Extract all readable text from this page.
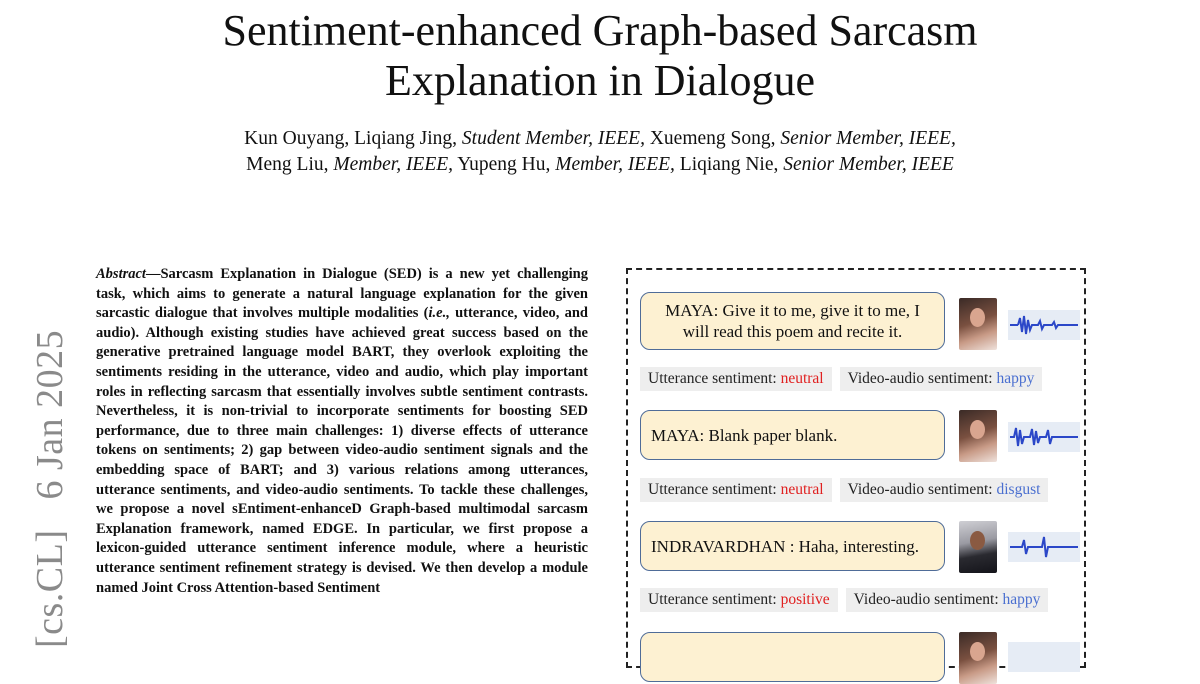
Sentiment-enhanced Graph-based Sarcasm
Explanation in Dialogue
Kun Ouyang, Liqiang Jing, Student Member, IEEE, Xuemeng Song, Senior Member, IEEE,
Meng Liu, Member, IEEE, Yupeng Hu, Member, IEEE, Liqiang Nie, Senior Member, IEEE
[cs.CL]   6 Jan 2025
Abstract—Sarcasm Explanation in Dialogue (SED) is a new yet challenging task, which aims to generate a natural language explanation for the given sarcastic dialogue that involves multiple modalities (i.e., utterance, video, and audio). Although existing studies have achieved great success based on the generative pretrained language model BART, they overlook exploiting the sentiments residing in the utterance, video and audio, which play important roles in reflecting sarcasm that essentially involves subtle sentiment contrasts. Nevertheless, it is non-trivial to incorporate sentiments for boosting SED performance, due to three main challenges: 1) diverse effects of utterance tokens on sentiments; 2) gap between video-audio sentiment signals and the embedding space of BART; and 3) various relations among utterances, utterance sentiments, and video-audio sentiments. To tackle these challenges, we propose a novel sEntiment-enhanceD Graph-based multimodal sarcasm Explanation framework, named EDGE. In particular, we first propose a lexicon-guided utterance sentiment inference module, where a heuristic utterance sentiment refinement strategy is devised. We then develop a module named Joint Cross Attention-based Sentiment
MAYA: Give it to me, give it to me, I will read this poem and recite it.
Utterance sentiment: neutral	Video-audio sentiment: happy
MAYA: Blank paper blank.
Utterance sentiment: neutral	Video-audio sentiment: disgust
INDRAVARDHAN : Haha, interesting.
Utterance sentiment: positive	Video-audio sentiment: happy
